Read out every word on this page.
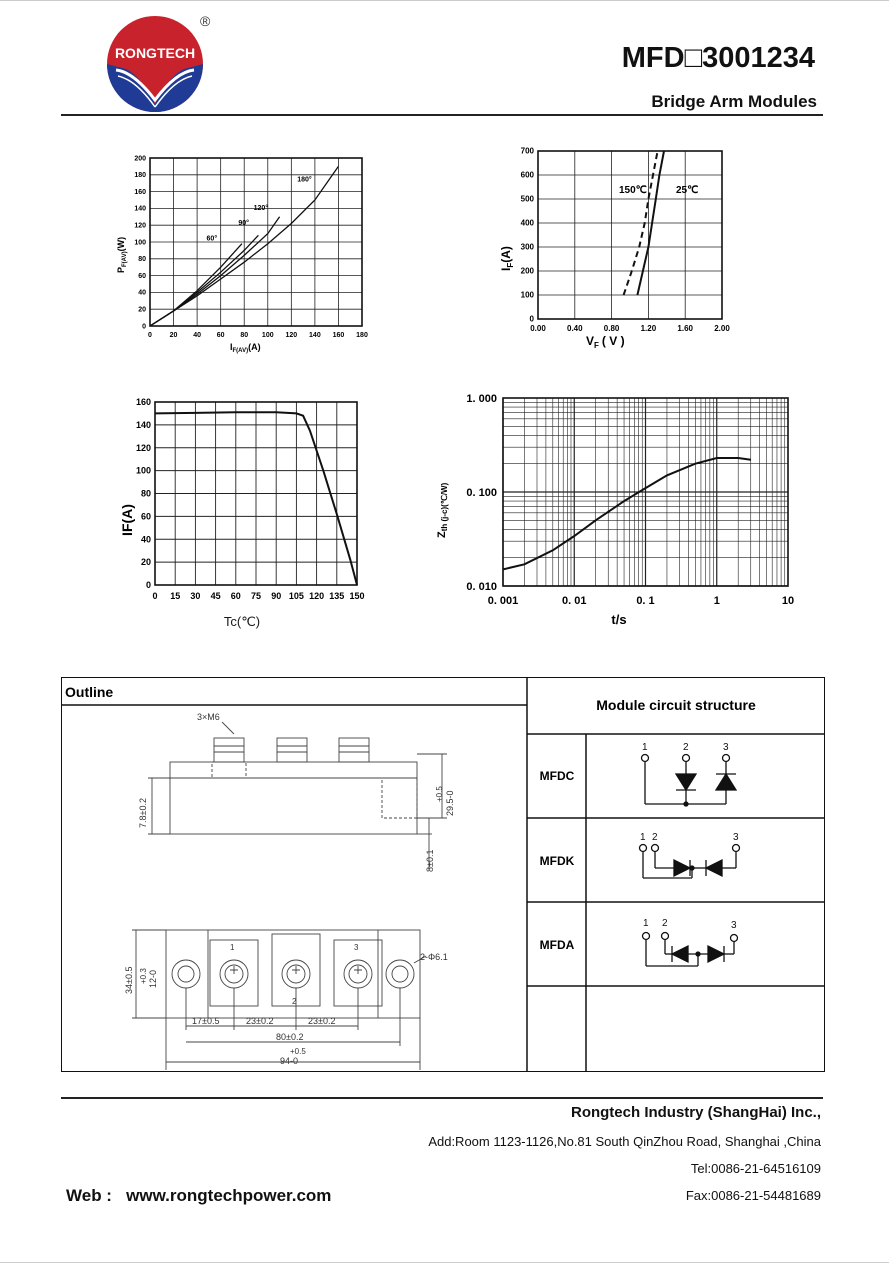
RONGTECH
®
MFD□3001234
Bridge Arm Modules
0	20 40 60 80 100 120 140 160 180
0
20
40
60
80
100
120
140
160
180
200
60°
90°
120°
180°
$I_{F(AV)}(A)$
$P_{F(AV)}(W)$
0.00	0.40	0.80	1.20	1.60	2.00
0
100
200
300
400
500
600
700
150℃	25℃
$V_F$ ( V )
$I_F(A)$
0 15 30 45 60 75 90 105 120 135 150
0
20
40
60
80
100
120
140
160
Tc(℃)
IF(A)
0. 001	0. 01	0. 1	1	10
0. 010
0. 100
1. 000
t/s
Zth (j-c)(℃/W)
Outline
Module circuit structure
MFDC
MFDK
MFDA
1	2	3
1 2	3
1 2	3
3×M6
7.8±0.2
+0.5 29.5-0
8±0.1
34±0.5 +0.3 12-0
2-Φ6.1
17±0.5	23±0.2	23±0.2
80±0.2
+0.5
94-0
1
2
3
Rongtech Industry (ShangHai) Inc.,
Add:Room 1123-1126,No.81 South QinZhou Road, Shanghai ,China
Tel:0086-21-64516109
Fax:0086-21-54481689
Web :   www.rongtechpower.com
